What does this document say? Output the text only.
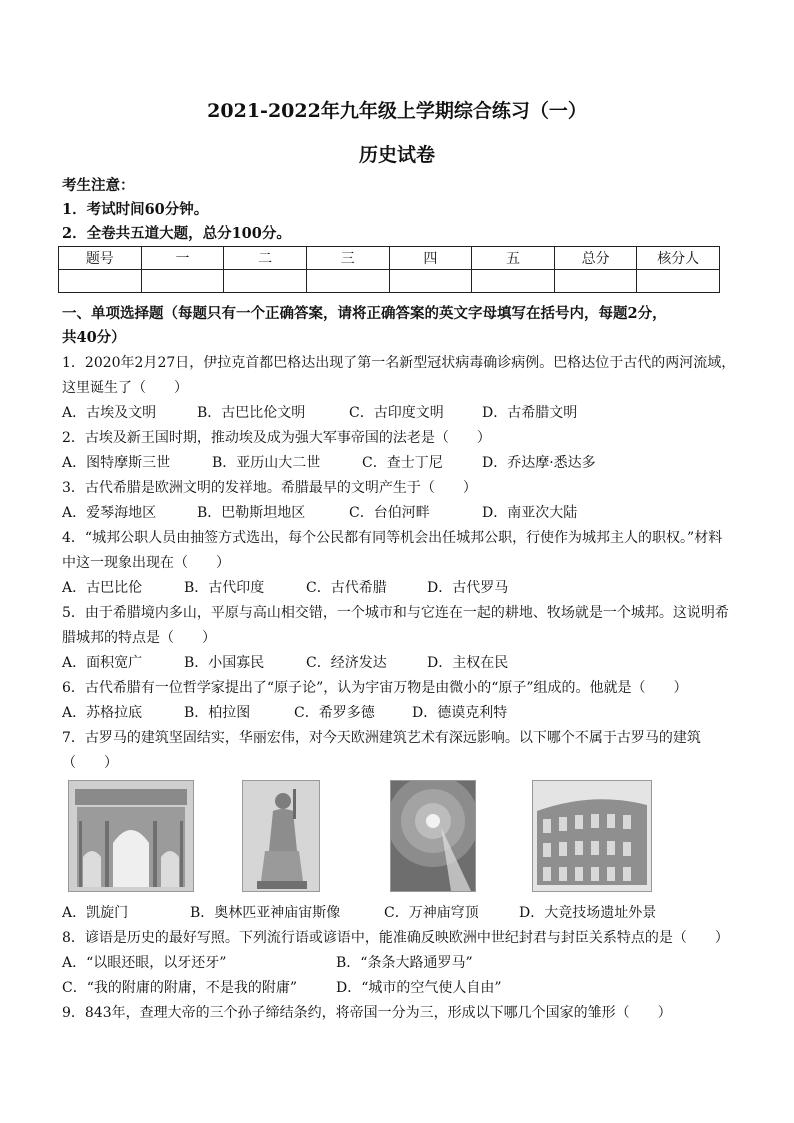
2021-2022年九年级上学期综合练习（一）
历史试卷
考生注意：
1．考试时间60分钟。
2．全卷共五道大题，总分100分。
题号	一	二	三	四	五	总分	核分人

一、单项选择题（每题只有一个正确答案，请将正确答案的英文字母填写在括号内，每题2分，
共40分）
1．2020年2月27日，伊拉克首都巴格达出现了第一名新型冠状病毒确诊病例。巴格达位于古代的两河流域，
这里诞生了（　　）
A．古埃及文明	B．古巴比伦文明	C．古印度文明	D．古希腊文明
2．古埃及新王国时期，推动埃及成为强大军事帝国的法老是（　　）
A．图特摩斯三世	B．亚历山大二世	C．查士丁尼	D．乔达摩·悉达多
3．古代希腊是欧洲文明的发祥地。希腊最早的文明产生于（　　）
A．爱琴海地区	B．巴勒斯坦地区	C．台伯河畔	D．南亚次大陆
4．“城邦公职人员由抽签方式选出，每个公民都有同等机会出任城邦公职，行使作为城邦主人的职权。”材料
中这一现象出现在（　　）
A．古巴比伦	B．古代印度	C．古代希腊	D．古代罗马
5．由于希腊境内多山，平原与高山相交错，一个城市和与它连在一起的耕地、牧场就是一个城邦。这说明希
腊城邦的特点是（　　）
A．面积宽广	B．小国寡民	C．经济发达	D．主权在民
6．古代希腊有一位哲学家提出了“原子论”，认为宇宙万物是由微小的“原子”组成的。他就是（　　）
A．苏格拉底	B．柏拉图	C．希罗多德	D．德谟克利特
7．古罗马的建筑坚固结实，华丽宏伟，对今天欧洲建筑艺术有深远影响。以下哪个不属于古罗马的建筑
（　　）
A．凯旋门	B．奥林匹亚神庙宙斯像	C．万神庙穹顶	D．大竞技场遗址外景
8．谚语是历史的最好写照。下列流行语或谚语中，能准确反映欧洲中世纪封君与封臣关系特点的是（　　）
A．“以眼还眼，以牙还牙”	B．“条条大路通罗马”
C．“我的附庸的附庸，不是我的附庸”	D．“城市的空气使人自由”
9．843年，查理大帝的三个孙子缔结条约，将帝国一分为三，形成以下哪几个国家的雏形（　　）
